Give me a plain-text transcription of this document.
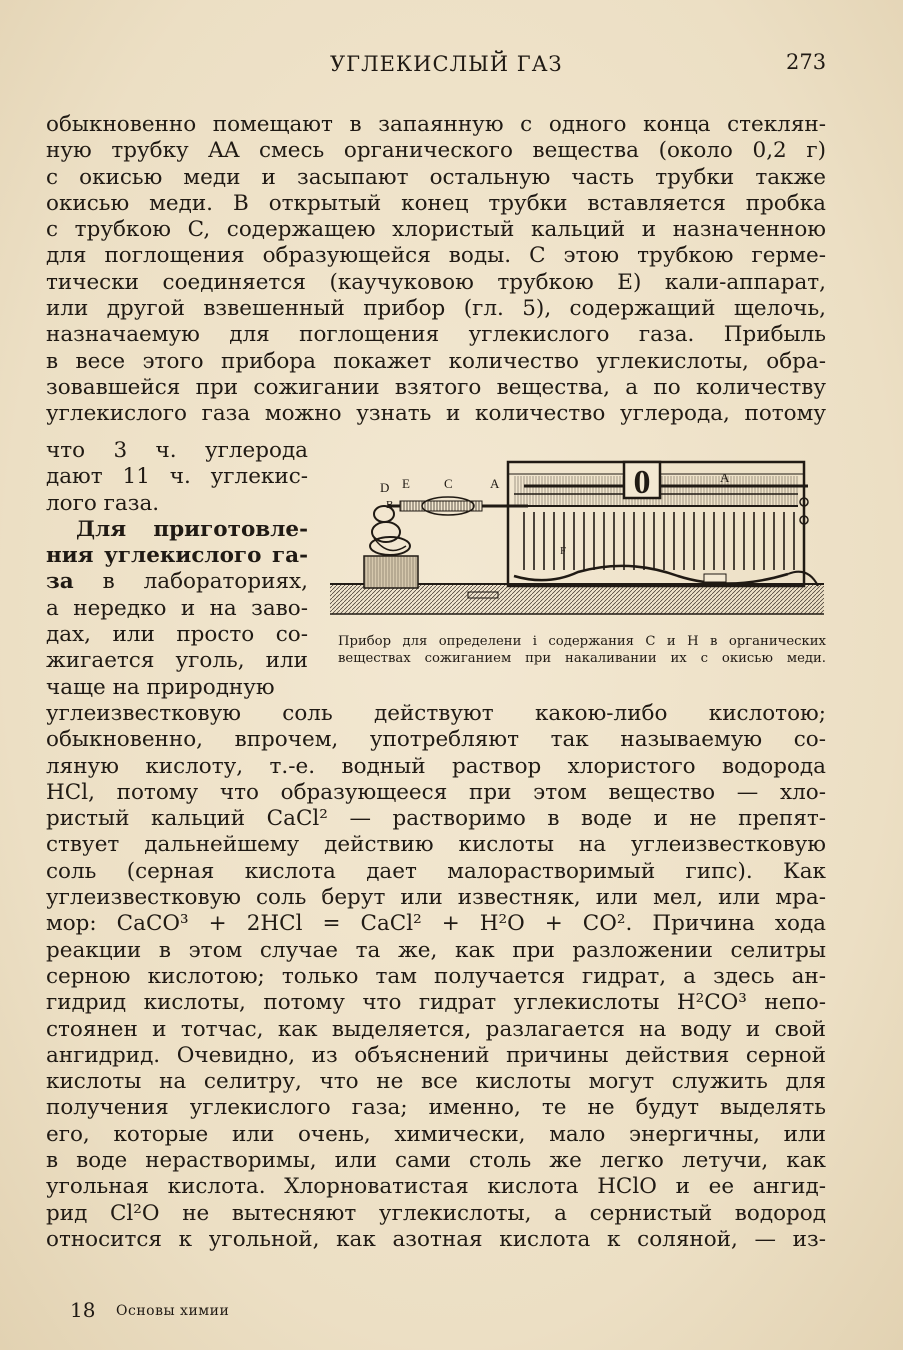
УГЛЕКИСЛЫЙ ГАЗ	273
обыкновенно помещают в запаянную с одного конца стеклян-
ную трубку AA смесь органического вещества (около 0,2 г)
с окисью меди и засыпают остальную часть трубки также
окисью меди. В открытый конец трубки вставляется пробка
с трубкою C, содержащею хлористый кальций и назначенною
для поглощения образующейся воды. С этою трубкою герме-
тически соединяется (каучуковою трубкою E) кали-аппарат,
или другой взвешенный прибор (гл. 5), содержащий щелочь,
назначаемую для поглощения углекислого газа. Прибыль
в весе этого прибора покажет количество углекислоты, обра-
зовавшейся при сожигании взятого вещества, а по количеству
углекислого газа можно узнать и количество углерода, потому
что 3 ч. углерода
дают 11 ч. углекис-
лого газа.
Для приготовле-
ния углекислого га-
за в лабораториях,
а нередко и на заво-
дах, или просто со-
жигается уголь, или
чаще на природную
0
D E	C	A	A
B
F
Прибор для определени і содержания C и H в органических
веществах сожиганием при накаливании их с окисью меди.
углеизвестковую соль действуют какою-либо кислотою;
обыкновенно, впрочем, употребляют так называемую со-
ляную кислоту, т.-е. водный раствор хлористого водорода
HCl, потому что образующееся при этом вещество — хло-
ристый кальций CaCl² — растворимо в воде и не препят-
ствует дальнейшему действию кислоты на углеизвестковую
соль (серная кислота дает малорастворимый гипс). Как
углеизвестковую соль берут или известняк, или мел, или мра-
мор: CaCO³ + 2HCl = CaCl² + H²O + CO². Причина хода
реакции в этом случае та же, как при разложении селитры
серною кислотою; только там получается гидрат, а здесь ан-
гидрид кислоты, потому что гидрат углекислоты H²CO³ непо-
стоянен и тотчас, как выделяется, разлагается на воду и свой
ангидрид. Очевидно, из объяснений причины действия серной
кислоты на селитру, что не все кислоты могут служить для
получения углекислого газа; именно, те не будут выделять
его, которые или очень, химически, мало энергичны, или
в воде нерастворимы, или сами столь же легко летучи, как
угольная кислота. Хлорноватистая кислота HClO и ее ангид-
рид Cl²O не вытесняют углекислоты, а сернистый водород
относится к угольной, как азотная кислота к соляной, — из-
18 Основы химии
